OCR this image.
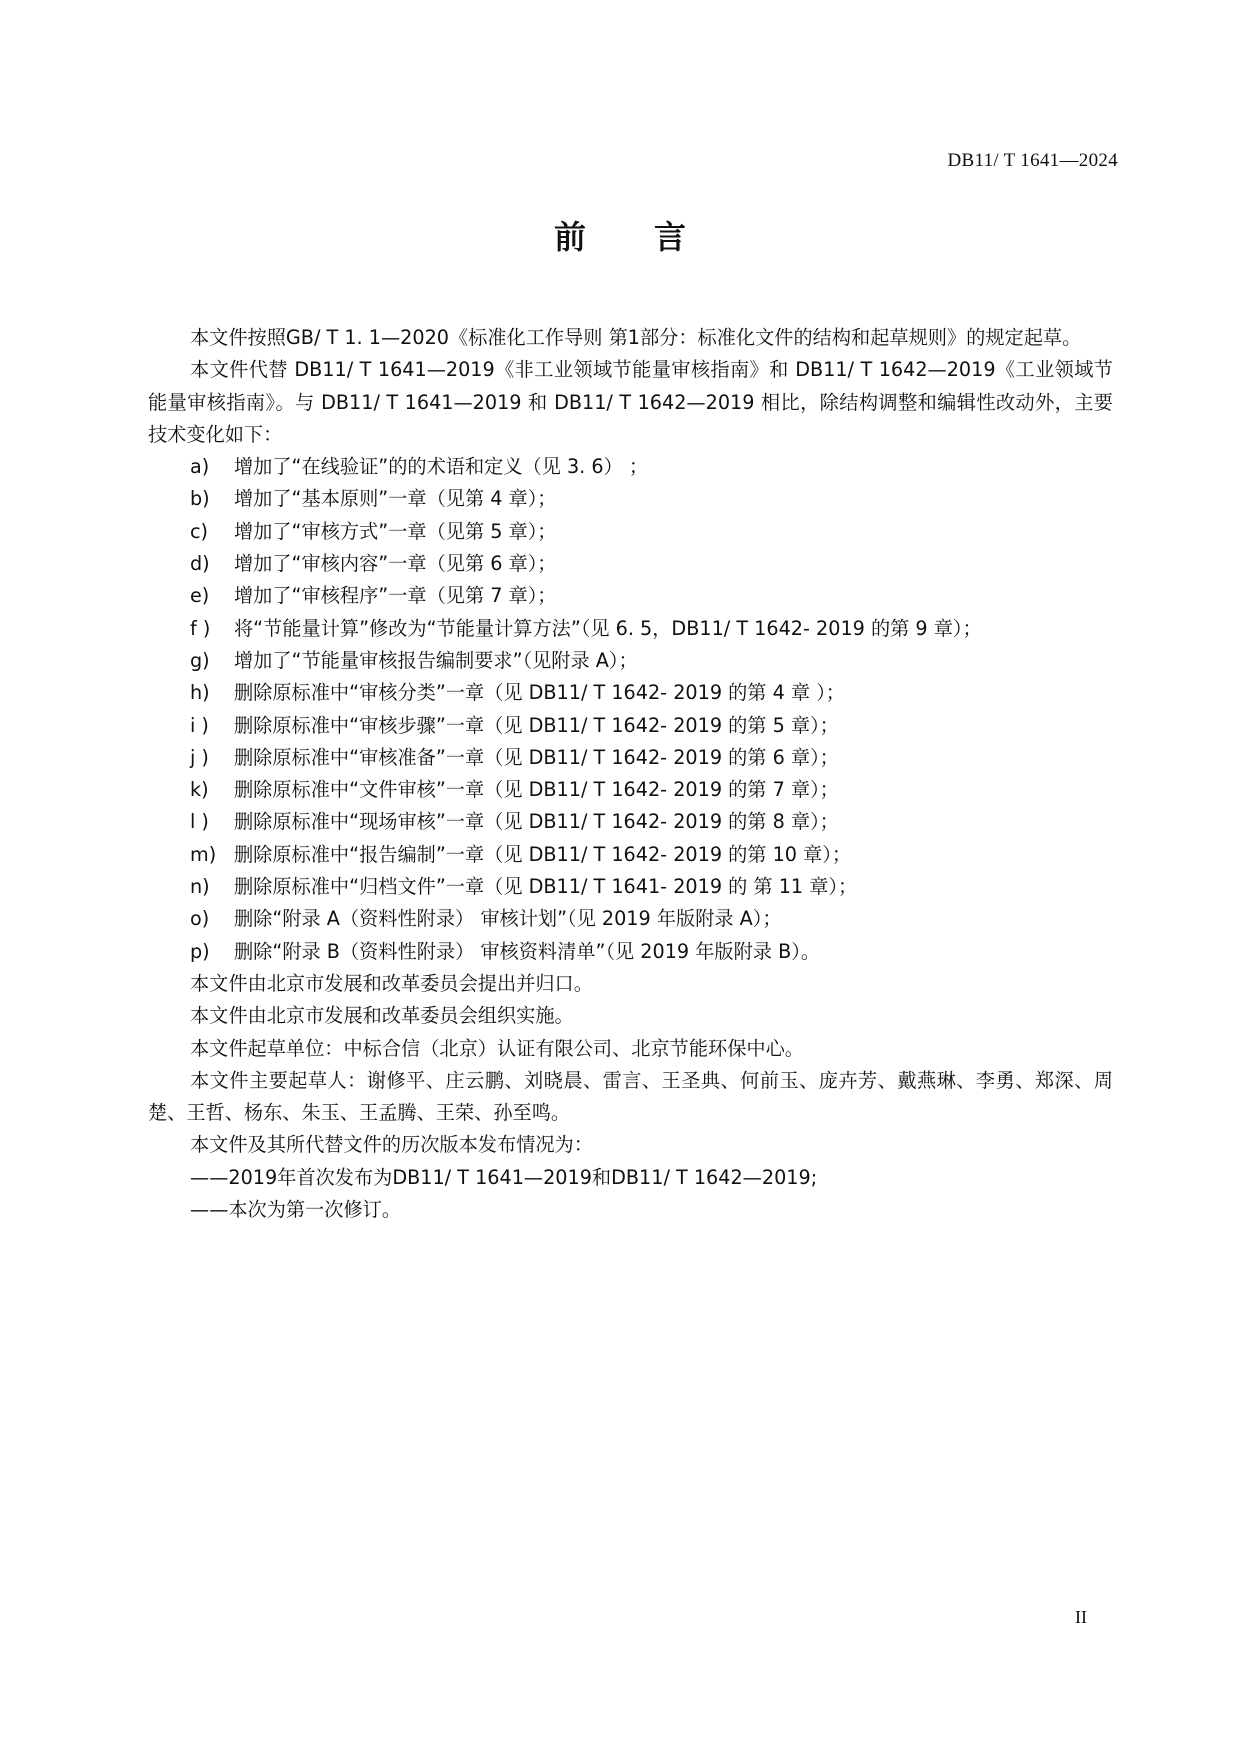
DB11/ T 1641—2024
前 言

本文件按照GB/ T 1. 1—2020《标准化工作导则 第1部分：标准化文件的结构和起草规则》的规定起草。

本文件代替 DB11/ T 1641—2019《非工业领域节能量审核指南》和 DB11/ T 1642—2019《工业领域节能量审核指南》。与 DB11/ T 1641—2019 和 DB11/ T 1642—2019 相比，除结构调整和编辑性改动外，主要技术变化如下：

a) 增加了“在线验证”的的术语和定义（见 3. 6） ；

b) 增加了“基本原则”一章（见第 4 章）；

c) 增加了“审核方式”一章（见第 5 章）；

d) 增加了“审核内容”一章（见第 6 章）；

e) 增加了“审核程序”一章（见第 7 章）；

f ) 将“节能量计算”修改为“节能量计算方法”（见 6. 5，DB11/ T 1642- 2019 的第 9 章）；

g) 增加了“节能量审核报告编制要求”（见附录 A）；

h) 删除原标准中“审核分类”一章（见 DB11/ T 1642- 2019 的第 4 章 ）；

i ) 删除原标准中“审核步骤”一章（见 DB11/ T 1642- 2019 的第 5 章）；

j ) 删除原标准中“审核准备”一章（见 DB11/ T 1642- 2019 的第 6 章）；

k) 删除原标准中“文件审核”一章（见 DB11/ T 1642- 2019 的第 7 章）；

l ) 删除原标准中“现场审核”一章（见 DB11/ T 1642- 2019 的第 8 章）；

m) 删除原标准中“报告编制”一章（见 DB11/ T 1642- 2019 的第 10 章）；

n) 删除原标准中“归档文件”一章（见 DB11/ T 1641- 2019 的 第 11 章）；

o) 删除“附录 A（资料性附录） 审核计划”（见 2019 年版附录 A）；

p) 删除“附录 B（资料性附录） 审核资料清单”（见 2019 年版附录 B）。

本文件由北京市发展和改革委员会提出并归口。

本文件由北京市发展和改革委员会组织实施。

本文件起草单位：中标合信（北京）认证有限公司、北京节能环保中心。

本文件主要起草人：谢修平、庄云鹏、刘晓晨、雷言、王圣典、何前玉、庞卉芳、戴燕琳、李勇、郑深、周楚、王哲、杨东、朱玉、王孟腾、王荣、孙至鸣。

本文件及其所代替文件的历次版本发布情况为：

——2019年首次发布为DB11/ T 1641—2019和DB11/ T 1642—2019;

——本次为第一次修订。

II
